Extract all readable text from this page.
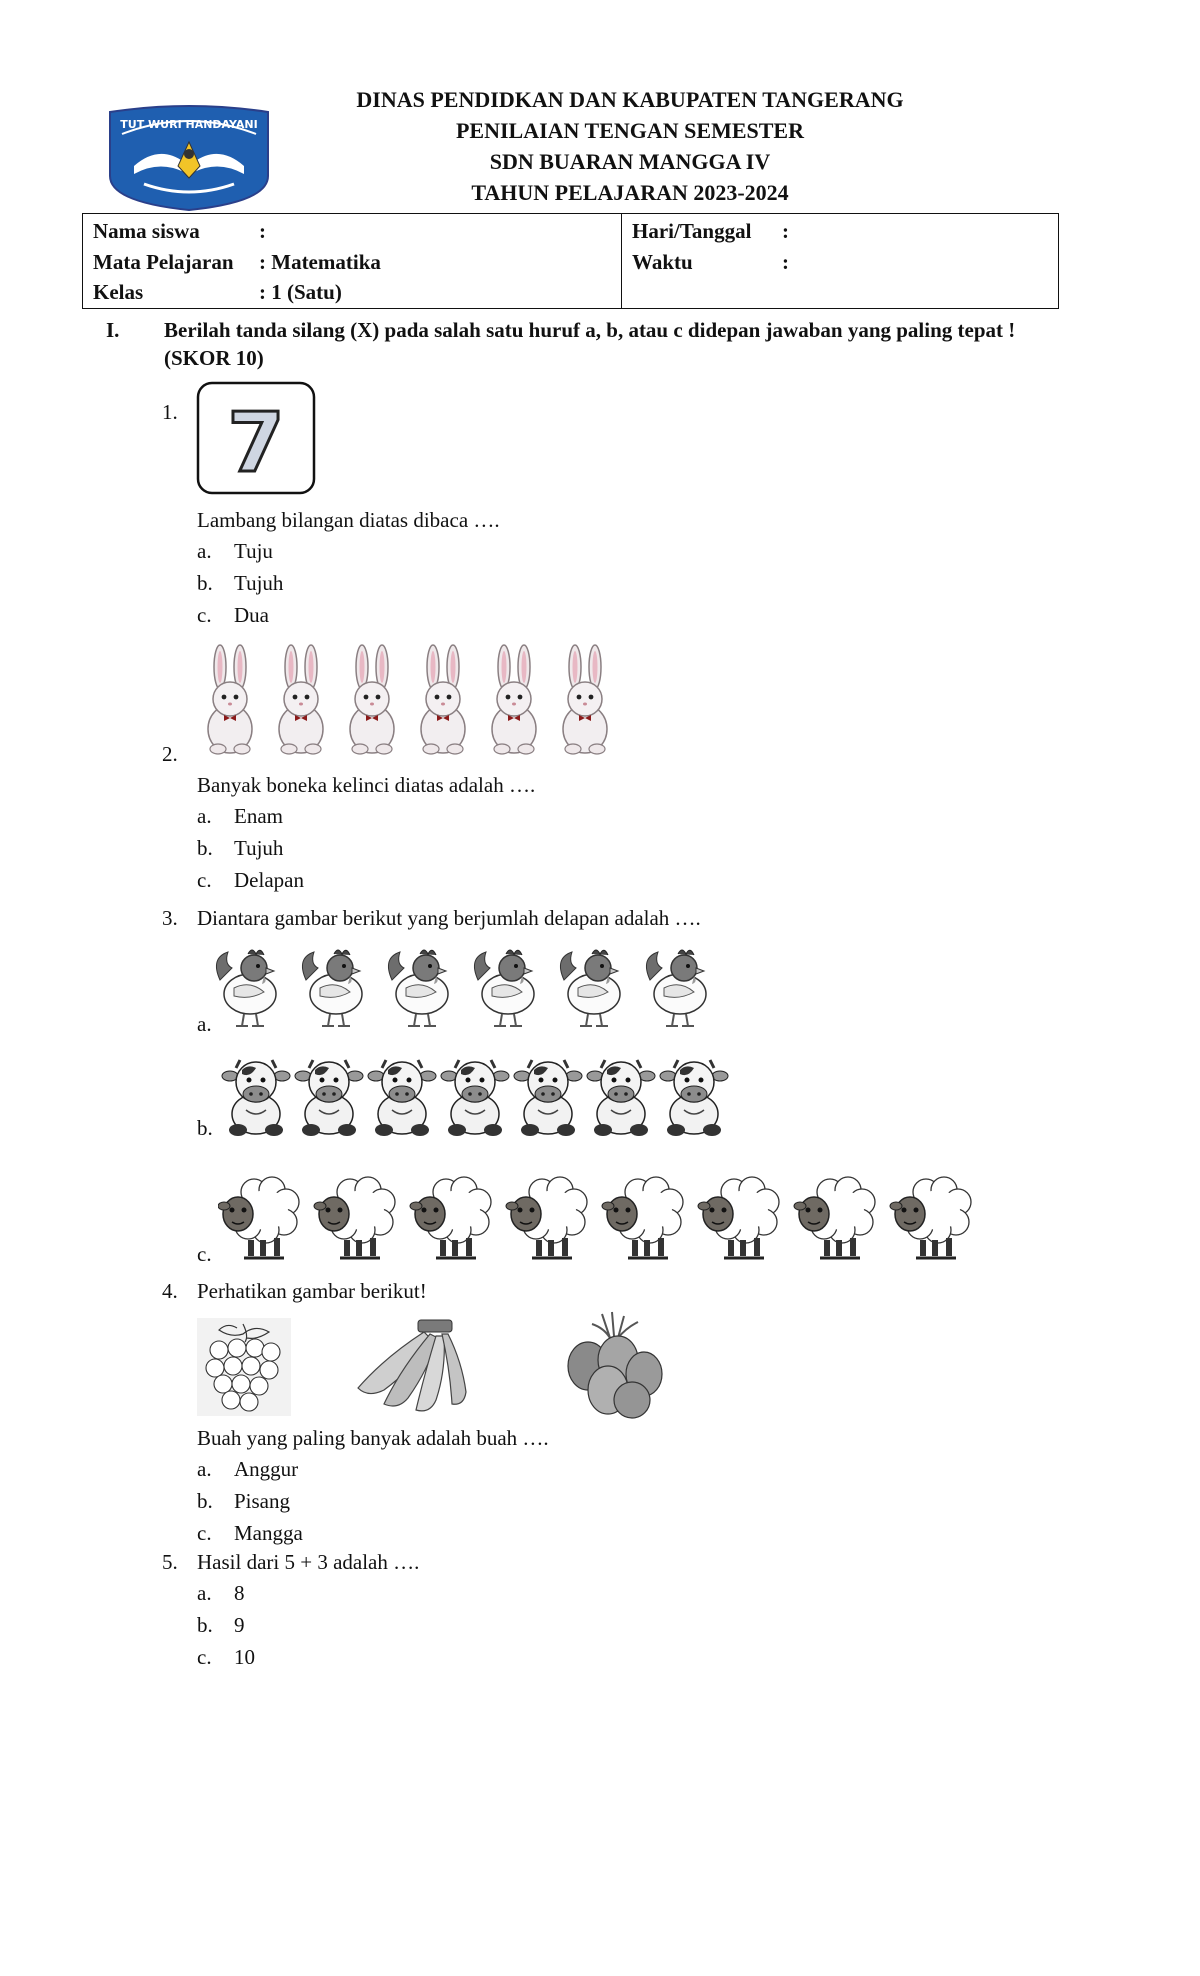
DINAS PENDIDKAN DAN KABUPATEN TANGERANG
PENILAIAN TENGAN SEMESTER
SDN BUARAN MANGGA IV
TAHUN PELAJARAN 2023-2024
TUT WURI HANDAYANI
Nama siswa	:
Mata Pelajaran : Matematika
Kelas	: 1 (Satu)

Hari/Tanggal :
Waktu	:
I. Berilah tanda silang (X) pada salah satu huruf a, b, atau c didepan jawaban yang paling tepat ! (SKOR 10)
1. 7
Lambang bilangan diatas dibaca ….
a. Tuju
b. Tujuh
c. Dua
2.
Banyak boneka kelinci diatas adalah ….
a. Enam
b. Tujuh
c. Delapan
3. Diantara gambar berikut yang berjumlah delapan adalah ….
a.
b.
c.
4. Perhatikan gambar berikut!
Buah yang paling banyak adalah buah ….
a. Anggur
b. Pisang
c. Mangga
5. Hasil dari 5 + 3 adalah ….
a. 8
b. 9
c. 10
